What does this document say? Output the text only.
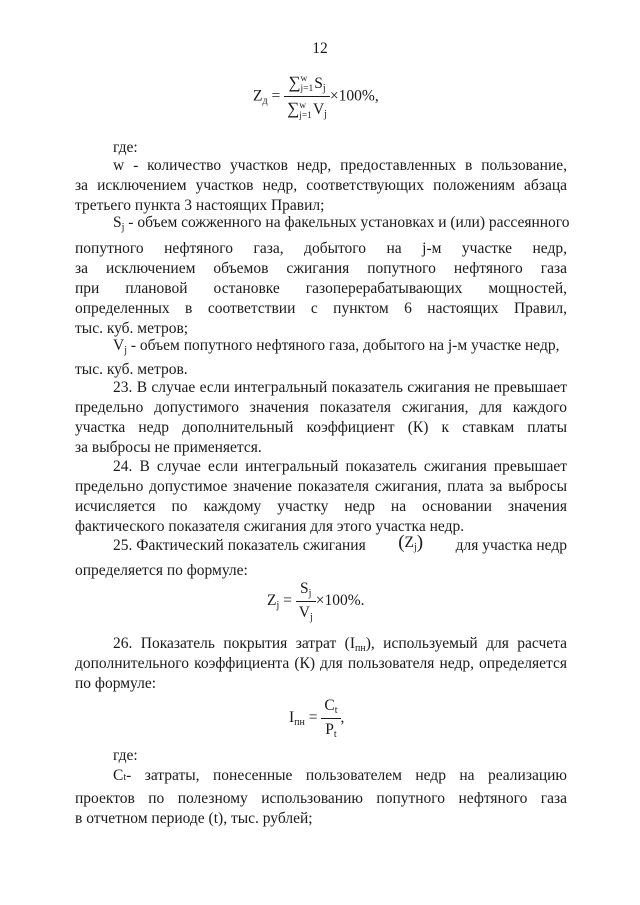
12
$Z_д$ = ∑ w
j=1 $S_j$
∑ w
j=1 $V_j \times 100\%$,
где:
w - количество участков недр, предоставленных в пользование,
за исключением участков недр, соответствующих положениям абзаца
третьего пункта 3 настоящих Правил;
$S_j$ - объем сожженного на факельных установках и (или) рассеянного
попутного нефтяного газа, добытого на j-м участке недр,
за исключением объемов сжигания попутного нефтяного газа
при плановой остановке газоперерабатывающих мощностей,
определенных в соответствии с пунктом 6 настоящих Правил,
тыс. куб. метров;
$V_j$ - объем попутного нефтяного газа, добытого на j-м участке недр,
тыс. куб. метров.
23. В случае если интегральный показатель сжигания не превышает
предельно допустимого значения показателя сжигания, для каждого
участка недр дополнительный коэффициент (К) к ставкам платы
за выбросы не применяется.
24. В случае если интегральный показатель сжигания превышает
предельно допустимое значение показателя сжигания, плата за выбросы
исчисляется по каждому участку недр на основании значения
фактического показателя сжигания для этого участка недр.
25. Фактический показатель сжигания $(Z_j)$ для участка недр
определяется по формуле:
$Z_j = \frac{S_j}{V_j} \times 100\%$.
26. Показатель покрытия затрат $(I_{пн})$, используемый для расчета
дополнительного коэффициента (К) для пользователя недр, определяется
по формуле:
$I_{пн} = \frac{C_t}{P_t}$ ,
где:
C t - затраты, понесенные пользователем недр на реализацию
проектов по полезному использованию попутного нефтяного газа
в отчетном периоде (t), тыс. рублей;
